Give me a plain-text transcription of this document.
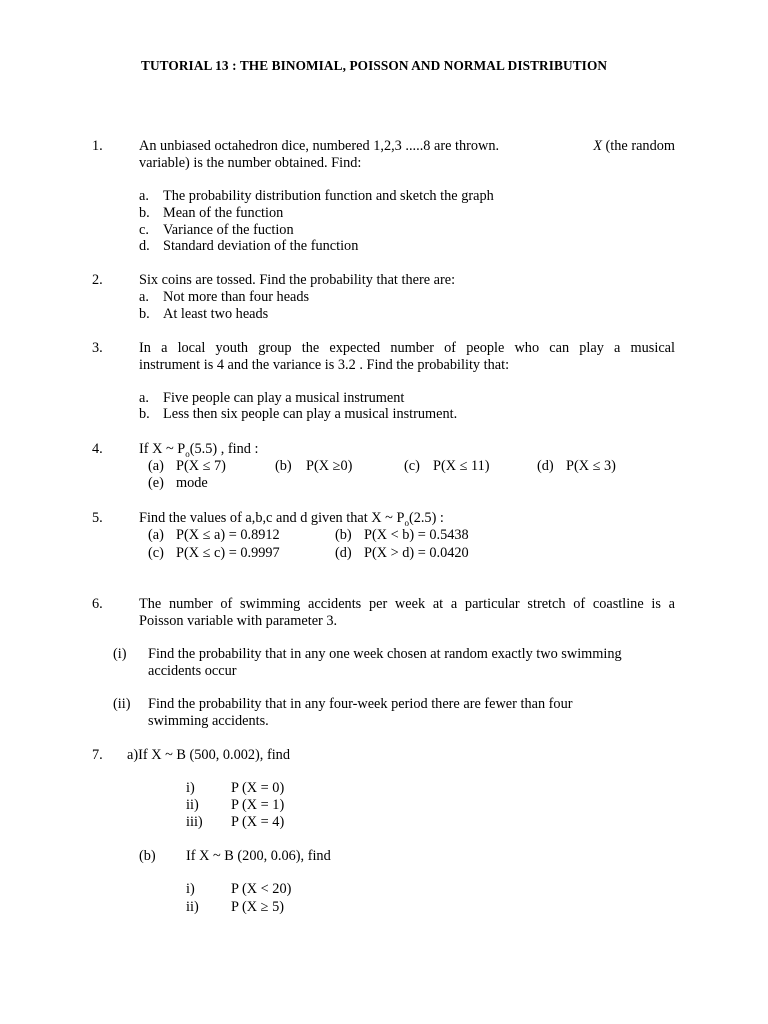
TUTORIAL 13 : THE BINOMIAL, POISSON AND NORMAL DISTRIBUTION
1.	An unbiased octahedron dice, numbered 1,2,3 .....8 are thrown.	X (the random
variable) is the number obtained. Find:
a. The probability distribution function and sketch the graph
b. Mean of the function
c. Variance of the fuction
d. Standard deviation of the function
2.	Six coins are tossed. Find the probability that there are:
a. Not more than four heads
b. At least two heads
3.	In a local youth group the expected number of people who can play a musical
instrument is 4 and the variance is 3.2 . Find the probability that:
a. Five people can play a musical instrument
b. Less then six people can play a musical instrument.
4.	If X ~ $P_o(5.5)$ , find :
(a) P(X ≤ 7)	(b) P(X ≥0)	(c) P(X ≤ 11)	(d) P(X ≤ 3)
(e) mode
5.	Find the values of a,b,c and d given that X ~ $P_o(2.5)$ :
(a) P(X ≤ a) = 0.8912	(b) P(X < b) = 0.5438
(c) P(X ≤ c) = 0.9997	(d) P(X > d) = 0.0420
6.	The number of swimming accidents per week at a particular stretch of coastline is a
Poisson variable with parameter 3.
(i) Find the probability that in any one week chosen at random exactly two swimming
accidents occur
(ii) Find the probability that in any four-week period there are fewer than four
swimming accidents.
7. a)If X ~ B (500, 0.002), find
i)	P (X = 0)
ii) P (X = 1)
iii) P (X = 4)
(b) If X ~ B (200, 0.06), find
i)	P (X < 20)
ii) P (X ≥ 5)
